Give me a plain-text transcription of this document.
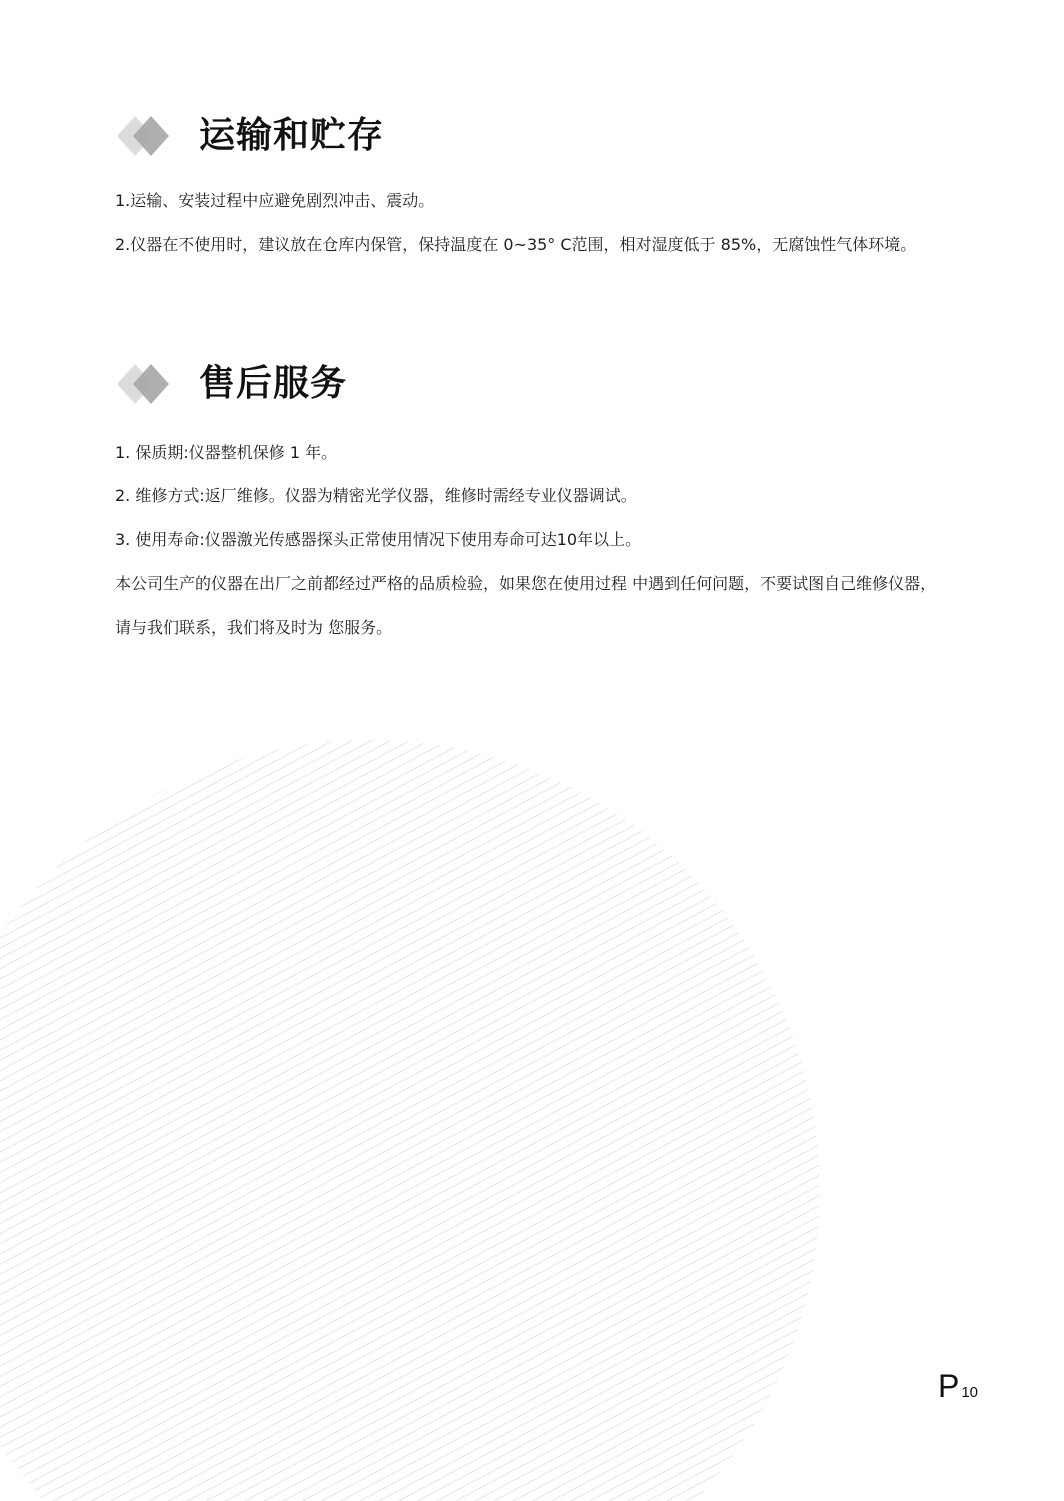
运输和贮存
1.运输、安装过程中应避免剧烈冲击、震动。
2.仪器在不使用时，建议放在仓库内保管，保持温度在 0~35° C范围，相对湿度低于 85%，无腐蚀性气体环境。
售后服务
1. 保质期:仪器整机保修 1 年。
2. 维修方式:返厂维修。仪器为精密光学仪器，维修时需经专业仪器调试。
3. 使用寿命:仪器激光传感器探头正常使用情况下使用寿命可达10年以上。
本公司生产的仪器在出厂之前都经过严格的品质检验，如果您在使用过程 中遇到任何问题，不要试图自己维修仪器，
请与我们联系，我们将及时为 您服务。
P 10
